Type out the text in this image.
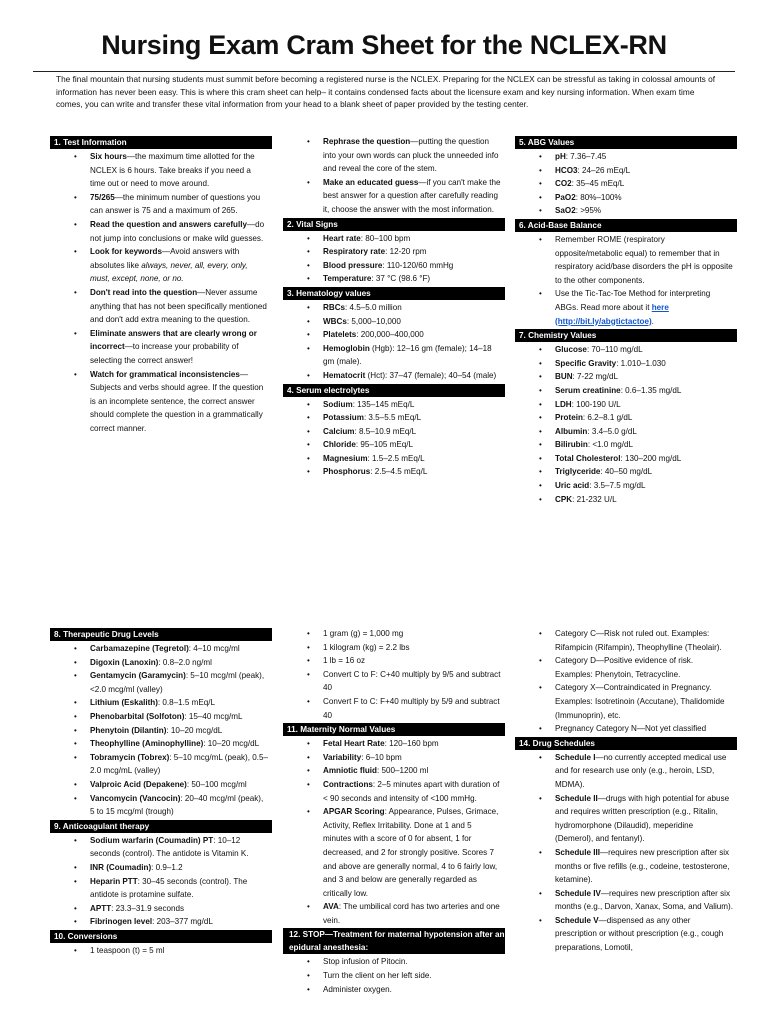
Nursing Exam Cram Sheet for the NCLEX-RN
The final mountain that nursing students must summit before becoming a registered nurse is the NCLEX. Preparing for the NCLEX can be stressful as taking in colossal amounts of information has never been easy. This is where this cram sheet can help– it contains condensed facts about the licensure exam and key nursing information. When exam time comes, you can write and transfer these vital information from your head to a blank sheet of paper provided by the testing center.
1. Test Information
• Six hours—the maximum time allotted for the NCLEX is 6 hours. Take breaks if you need a time out or need to move around.
• 75/265—the minimum number of questions you can answer is 75 and a maximum of 265.
• Read the question and answers carefully—do not jump into conclusions or make wild guesses.
• Look for keywords—Avoid answers with absolutes like always, never, all, every, only, must, except, none, or no.
• Don't read into the question—Never assume anything that has not been specifically mentioned and don't add extra meaning to the question.
• Eliminate answers that are clearly wrong or incorrect—to increase your probability of selecting the correct answer!
• Watch for grammatical inconsistencies—Subjects and verbs should agree. If the question is an incomplete sentence, the correct answer should complete the question in a grammatically correct manner.
• Rephrase the question—putting the question into your own words can pluck the unneeded info and reveal the core of the stem.
• Make an educated guess—if you can't make the best answer for a question after carefully reading it, choose the answer with the most information.
2. Vital Signs
• Heart rate: 80–100 bpm
• Respiratory rate: 12-20 rpm
• Blood pressure: 110-120/60 mmHg
• Temperature: 37 °C (98.6 °F)
3. Hematology values
• RBCs: 4.5–5.0 million
• WBCs: 5,000–10,000
• Platelets: 200,000–400,000
• Hemoglobin (Hgb): 12–16 gm (female); 14–18 gm (male).
• Hematocrit (Hct): 37–47 (female); 40–54 (male)
4. Serum electrolytes
• Sodium: 135–145 mEq/L
• Potassium: 3.5–5.5 mEq/L
• Calcium: 8.5–10.9 mEq/L
• Chloride: 95–105 mEq/L
• Magnesium: 1.5–2.5 mEq/L
• Phosphorus: 2.5–4.5 mEq/L
5. ABG Values
• pH: 7.36–7.45
• HCO3: 24–26 mEq/L
• CO2: 35–45 mEq/L
• PaO2: 80%–100%
• SaO2: >95%
6. Acid-Base Balance
• Remember ROME (respiratory opposite/metabolic equal) to remember that in respiratory acid/base disorders the pH is opposite to the other components.
• Use the Tic-Tac-Toe Method for interpreting ABGs. Read more about it here (http://bit.ly/abgtictactoe).
7. Chemistry Values
• Glucose: 70–110 mg/dL
• Specific Gravity: 1.010–1.030
• BUN: 7-22 mg/dL
• Serum creatinine: 0.6–1.35 mg/dL
• LDH: 100-190 U/L
• Protein: 6.2–8.1 g/dL
• Albumin: 3.4–5.0 g/dL
• Bilirubin: <1.0 mg/dL
• Total Cholesterol: 130–200 mg/dL
• Triglyceride: 40–50 mg/dL
• Uric acid: 3.5–7.5 mg/dL
• CPK: 21-232 U/L
8. Therapeutic Drug Levels
• Carbamazepine (Tegretol): 4–10 mcg/ml
• Digoxin (Lanoxin): 0.8–2.0 ng/ml
• Gentamycin (Garamycin): 5–10 mcg/ml (peak), <2.0 mcg/ml (valley)
• Lithium (Eskalith): 0.8–1.5 mEq/L
• Phenobarbital (Solfoton): 15–40 mcg/mL
• Phenytoin (Dilantin): 10–20 mcg/dL
• Theophylline (Aminophylline): 10–20 mcg/dL
• Tobramycin (Tobrex): 5–10 mcg/mL (peak), 0.5–2.0 mcg/mL (valley)
• Valproic Acid (Depakene): 50–100 mcg/ml
• Vancomycin (Vancocin): 20–40 mcg/ml (peak), 5 to 15 mcg/ml (trough)
9. Anticoagulant therapy
• Sodium warfarin (Coumadin) PT: 10–12 seconds (control). The antidote is Vitamin K.
• INR (Coumadin): 0.9–1.2
• Heparin PTT: 30–45 seconds (control). The antidote is protamine sulfate.
• APTT: 23.3–31.9 seconds
• Fibrinogen level: 203–377 mg/dL
10. Conversions
• 1 teaspoon (t) = 5 ml
• 1 gram (g) = 1,000 mg
• 1 kilogram (kg) = 2.2 lbs
• 1 lb = 16 oz
• Convert C to F: C+40 multiply by 9/5 and subtract 40
• Convert F to C: F+40 multiply by 5/9 and subtract 40
11. Maternity Normal Values
• Fetal Heart Rate: 120–160 bpm
• Variability: 6–10 bpm
• Amniotic fluid: 500–1200 ml
• Contractions: 2–5 minutes apart with duration of < 90 seconds and intensity of <100 mmHg.
• APGAR Scoring: Appearance, Pulses, Grimace, Activity, Reflex Irritability. Done at 1 and 5 minutes with a score of 0 for absent, 1 for decreased, and 2 for strongly positive. Scores 7 and above are generally normal, 4 to 6 fairly low, and 3 and below are generally regarded as critically low.
• AVA: The umbilical cord has two arteries and one vein.
12. STOP—Treatment for maternal hypotension after an epidural anesthesia:
• Stop infusion of Pitocin.
• Turn the client on her left side.
• Administer oxygen.
• Category C—Risk not ruled out. Examples: Rifampicin (Rifampin), Theophylline (Theolair).
• Category D—Positive evidence of risk. Examples: Phenytoin, Tetracycline.
• Category X—Contraindicated in Pregnancy. Examples: Isotretinoin (Accutane), Thalidomide (Immunoprin), etc.
• Pregnancy Category N—Not yet classified
14. Drug Schedules
• Schedule I—no currently accepted medical use and for research use only (e.g., heroin, LSD, MDMA).
• Schedule II—drugs with high potential for abuse and requires written prescription (e.g., Ritalin, hydromorphone (Dilaudid), meperidine (Demerol), and fentanyl).
• Schedule III—requires new prescription after six months or five refills (e.g., codeine, testosterone, ketamine).
• Schedule IV—requires new prescription after six months (e.g., Darvon, Xanax, Soma, and Valium).
• Schedule V—dispensed as any other prescription or without prescription (e.g., cough preparations, Lomotil,
